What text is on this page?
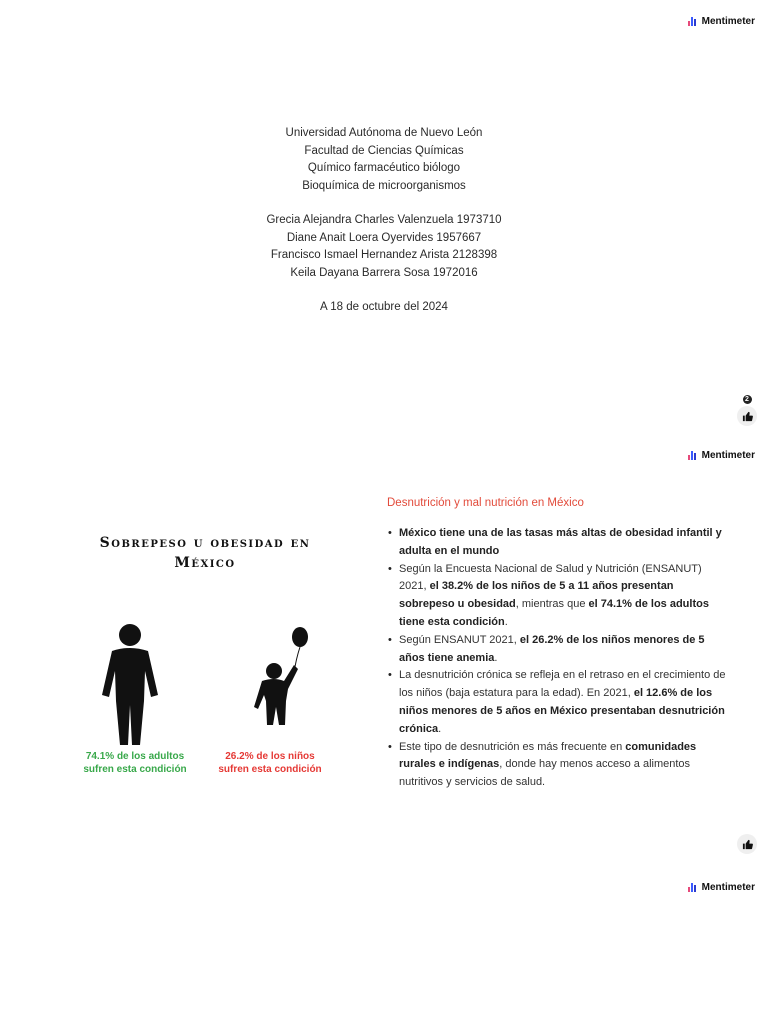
Mentimeter
Universidad Autónoma de Nuevo León
Facultad de Ciencias Químicas
Químico farmacéutico biólogo
Bioquímica de microorganismos
Grecia Alejandra Charles Valenzuela 1973710
Diane Anait Loera Oyervides 1957667
Francisco Ismael Hernandez Arista 2128398
Keila Dayana Barrera Sosa 1972016
A 18 de octubre del 2024
2
Mentimeter
Sobrepeso u obesidad en
México
74.1% de los adultos
sufren esta condición
26.2% de los niños
sufren esta condición
Desnutrición y mal nutrición en México
• México tiene una de las tasas más altas de obesidad infantil y adulta en el mundo
• Según la Encuesta Nacional de Salud y Nutrición (ENSANUT) 2021, el 38.2% de los niños de 5 a 11 años presentan sobrepeso u obesidad, mientras que el 74.1% de los adultos tiene esta condición.
• Según ENSANUT 2021, el 26.2% de los niños menores de 5 años tiene anemia.
• La desnutrición crónica se refleja en el retraso en el crecimiento de los niños (baja estatura para la edad). En 2021, el 12.6% de los niños menores de 5 años en México presentaban desnutrición crónica.
• Este tipo de desnutrición es más frecuente en comunidades rurales e indígenas, donde hay menos acceso a alimentos nutritivos y servicios de salud.
Mentimeter
